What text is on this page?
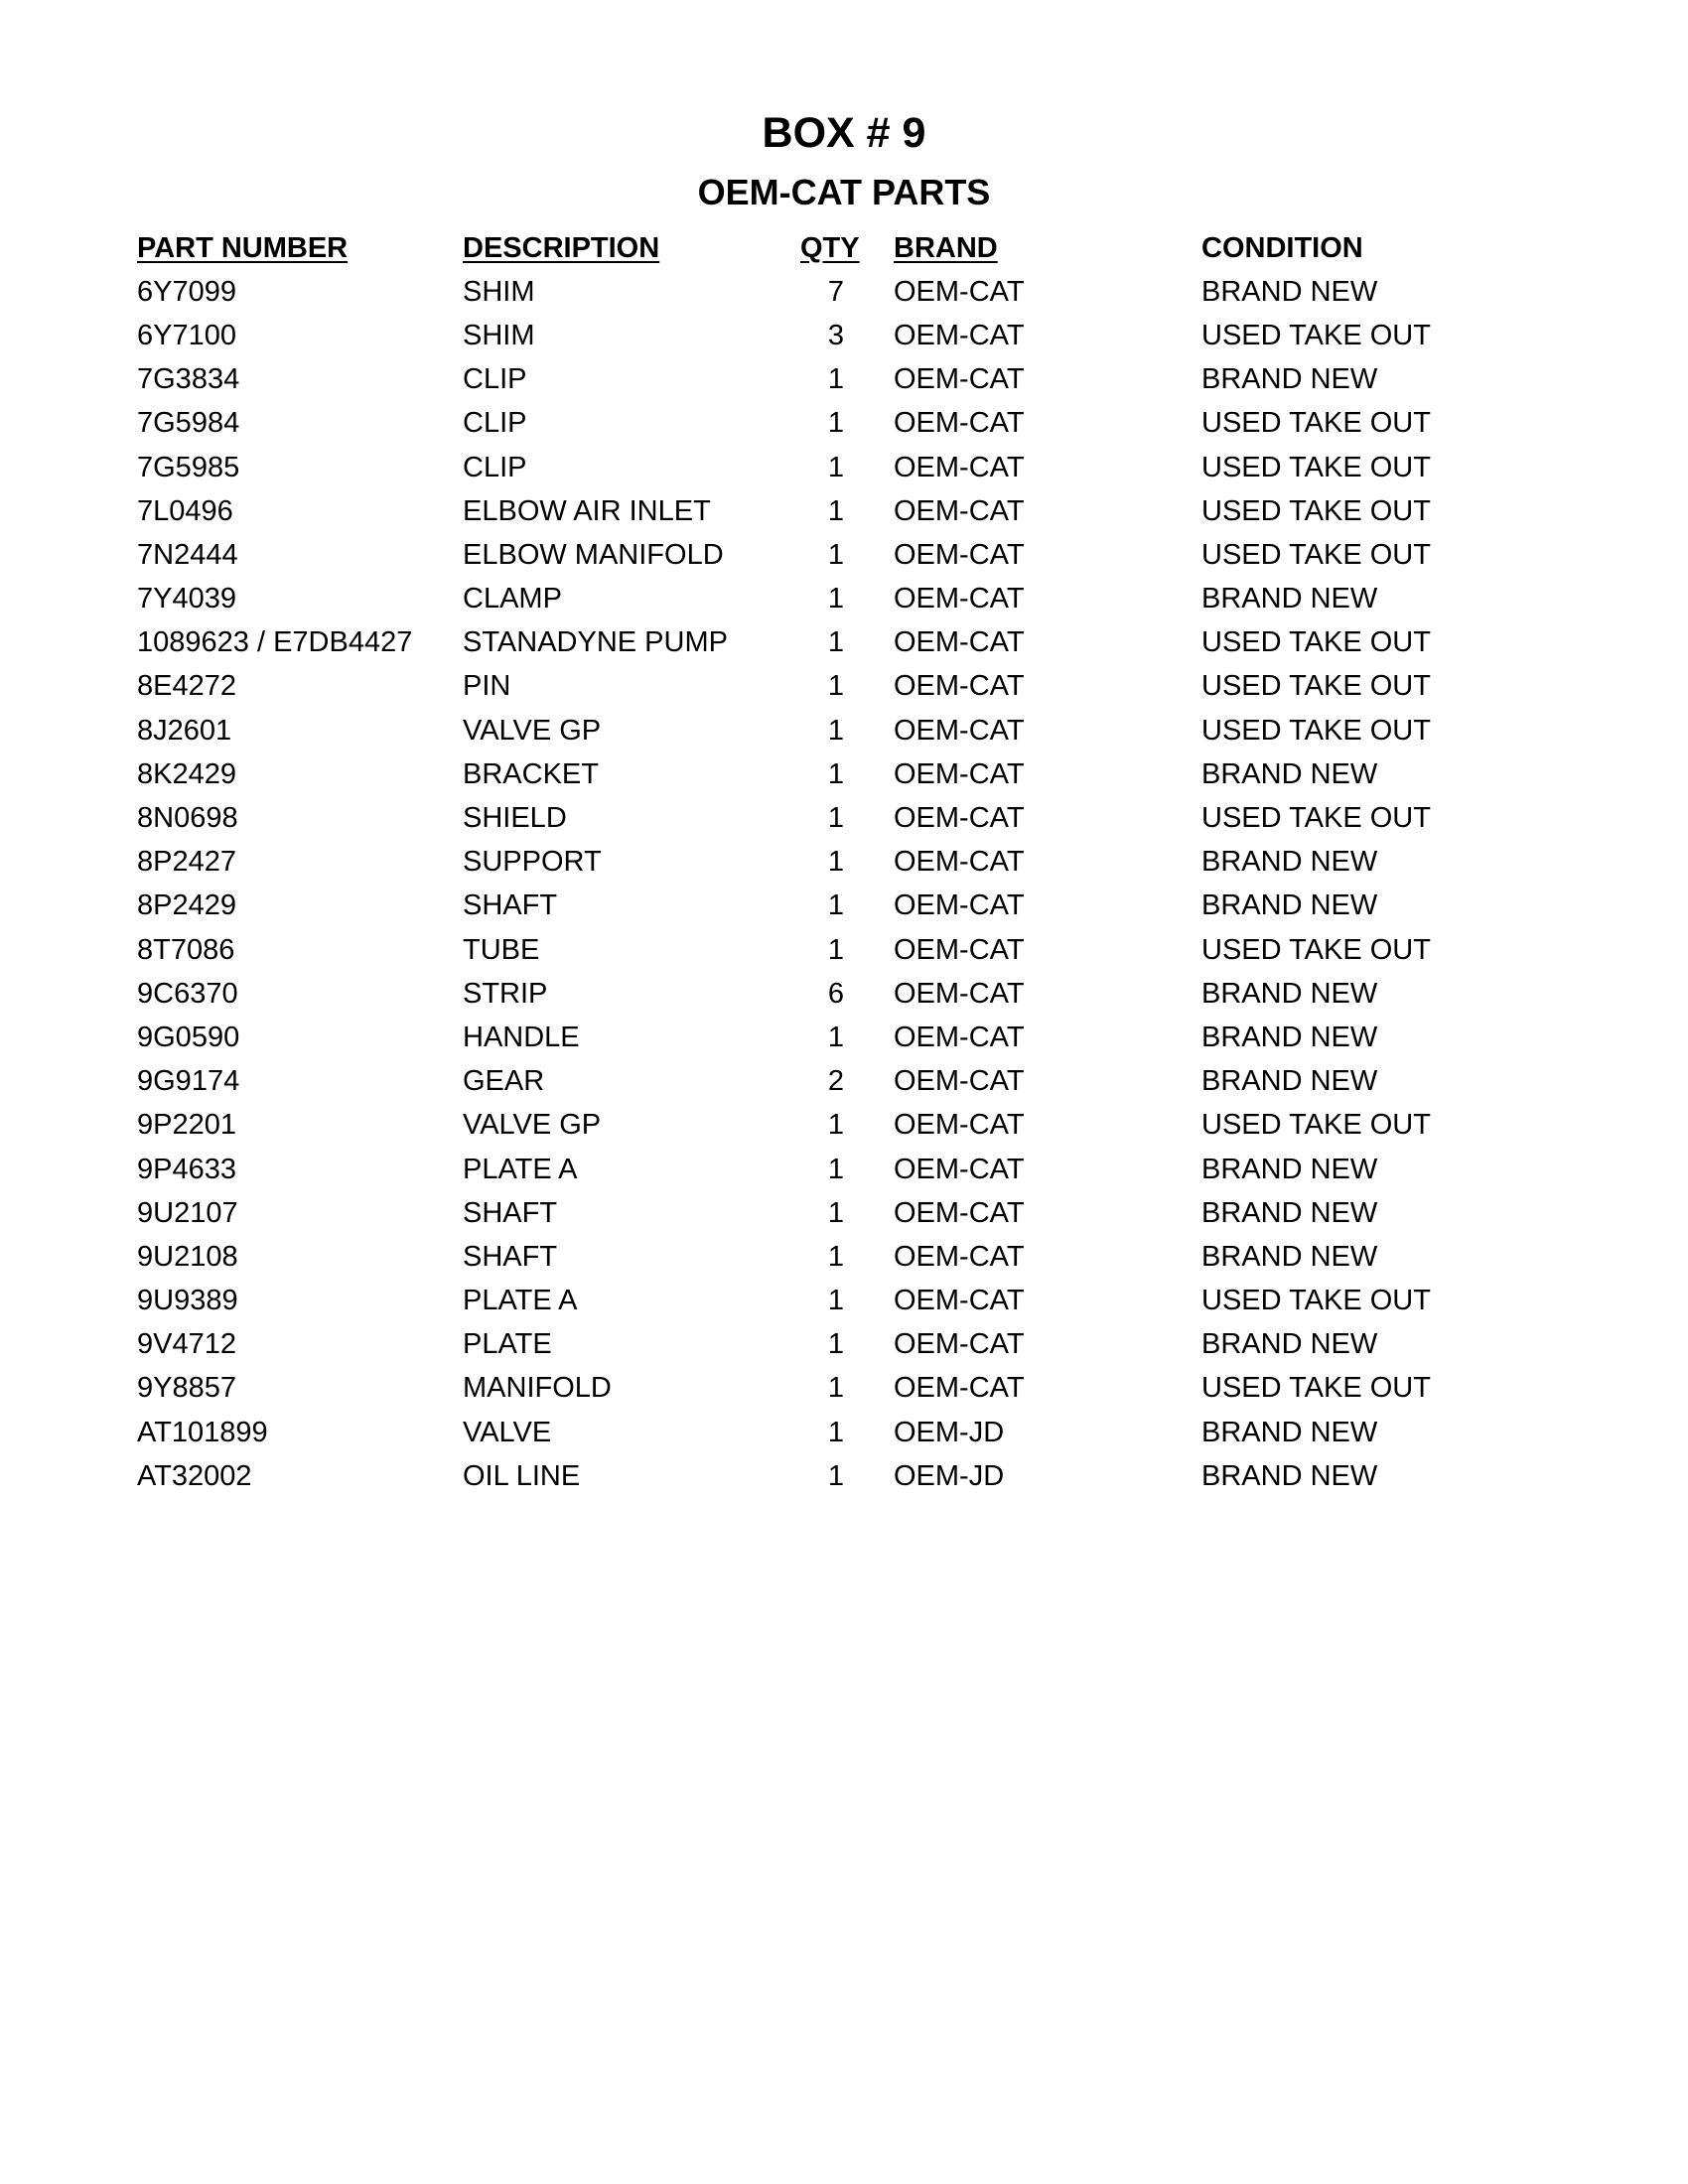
BOX # 9
OEM-CAT PARTS
PART NUMBER	DESCRIPTION	QTY		BRAND	CONDITION
6Y7099	SHIM	7		OEM-CAT	BRAND NEW
6Y7100	SHIM	3		OEM-CAT	USED TAKE OUT
7G3834	CLIP	1		OEM-CAT	BRAND NEW
7G5984	CLIP	1		OEM-CAT	USED TAKE OUT
7G5985	CLIP	1		OEM-CAT	USED TAKE OUT
7L0496	ELBOW AIR INLET	1		OEM-CAT	USED TAKE OUT
7N2444	ELBOW MANIFOLD	1		OEM-CAT	USED TAKE OUT
7Y4039	CLAMP	1		OEM-CAT	BRAND NEW
1089623 / E7DB4427	STANADYNE PUMP	1		OEM-CAT	USED TAKE OUT
8E4272	PIN	1		OEM-CAT	USED TAKE OUT
8J2601	VALVE GP	1		OEM-CAT	USED TAKE OUT
8K2429	BRACKET	1		OEM-CAT	BRAND NEW
8N0698	SHIELD	1		OEM-CAT	USED TAKE OUT
8P2427	SUPPORT	1		OEM-CAT	BRAND NEW
8P2429	SHAFT	1		OEM-CAT	BRAND NEW
8T7086	TUBE	1		OEM-CAT	USED TAKE OUT
9C6370	STRIP	6		OEM-CAT	BRAND NEW
9G0590	HANDLE	1		OEM-CAT	BRAND NEW
9G9174	GEAR	2		OEM-CAT	BRAND NEW
9P2201	VALVE GP	1		OEM-CAT	USED TAKE OUT
9P4633	PLATE A	1		OEM-CAT	BRAND NEW
9U2107	SHAFT	1		OEM-CAT	BRAND NEW
9U2108	SHAFT	1		OEM-CAT	BRAND NEW
9U9389	PLATE A	1		OEM-CAT	USED TAKE OUT
9V4712	PLATE	1		OEM-CAT	BRAND NEW
9Y8857	MANIFOLD	1		OEM-CAT	USED TAKE OUT
AT101899	VALVE	1		OEM-JD	BRAND NEW
AT32002	OIL LINE	1		OEM-JD	BRAND NEW
